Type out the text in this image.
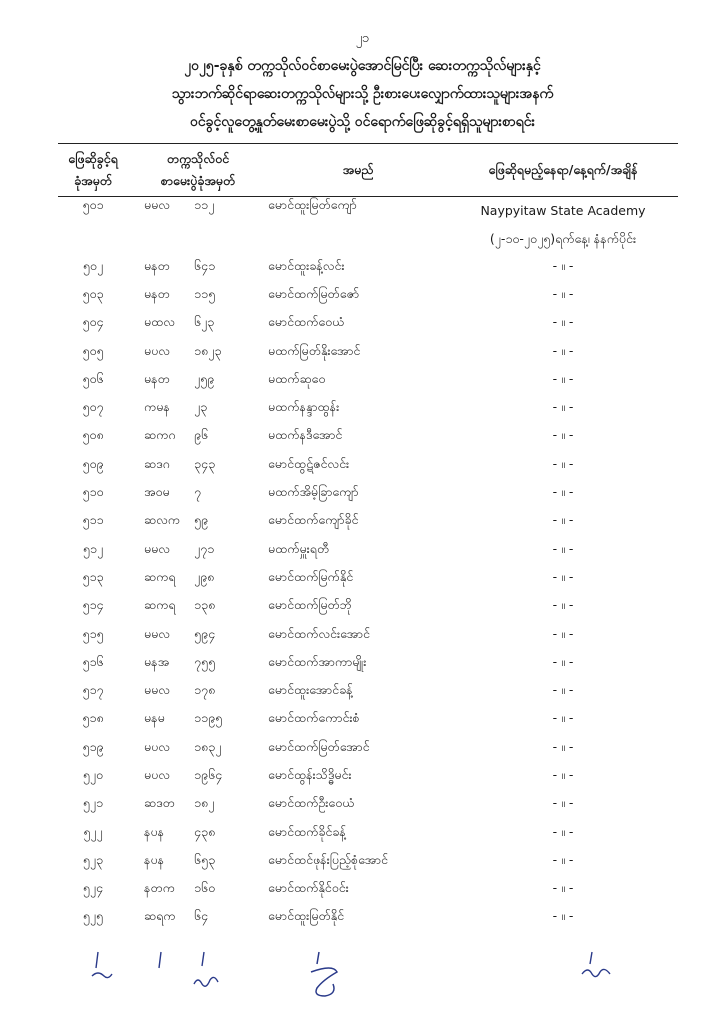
၂၁
၂၀၂၅-ခုနှစ် တက္ကသိုလ်ဝင်စာမေးပွဲအောင်မြင်ပြီး ဆေးတက္ကသိုလ်များနှင့်
သွားဘက်ဆိုင်ရာဆေးတက္ကသိုလ်များသို့ ဦးစားပေးလျှောက်ထားသူများအနက်
ဝင်ခွင့်လူတွေ့နှုတ်မေးစာမေးပွဲသို့ ဝင်ရောက်ဖြေဆိုခွင့်ရရှိသူများစာရင်း
ဖြေဆိုခွင့်ရ
ခုံအမှတ်	တက္ကသိုလ်ဝင်
စာမေးပွဲခုံအမှတ်	အမည်	ဖြေဆိုရမည့်နေရာ/နေ့ရက်/အချိန်
၅၀၁	မမလ ၁၁၂	မောင်ထူးမြတ်ကျော်	Naypyitaw State Academy
(၂-၁၀-၂၀၂၅)ရက်နေ့၊ နံနက်ပိုင်း

၅၀၂	မနတ ၆၄၁	မောင်ထူးခန့်လင်း	- ။ -
၅၀၃	မနတ ၁၁၅	မောင်ထက်မြတ်ဇော်	- ။ -
၅၀၄	မထလ ၆၂၃	မောင်ထက်ဝေယံ	- ။ -
၅၀၅	မပလ ၁၈၂၃	မထက်မြတ်နိုးအောင်	- ။ -
၅၀၆	မနတ ၂၅၉	မထက်ဆုဝေ	- ။ -
၅၀၇	ကမန ၂၃	မထက်နန္ဒာထွန်း	- ။ -
၅၀၈	ဆကဂ ၉၆	မထက်နဒီအောင်	- ။ -
၅၀၉	ဆဒဂ ၃၄၃	မောင်ထွဋ်ဇင်လင်း	- ။ -
၅၁၀	အဝမ ၇	မထက်အိမ့်ခြာကျော်	- ။ -
၅၁၁	ဆလက ၅၉	မောင်ထက်ကျော်ခိုင်	- ။ -
၅၁၂	မမလ ၂၇၁	မထက်မှူးရတီ	- ။ -
၅၁၃	ဆကရ ၂၉၈	မောင်ထက်မြက်နိုင်	- ။ -
၅၁၄	ဆကရ ၁၃၈	မောင်ထက်မြတ်ဘို	- ။ -
၅၁၅	မမလ ၅၉၄	မောင်ထက်လင်းအောင်	- ။ -
၅၁၆	မနအ ၇၅၅	မောင်ထက်အာကာမျိုး	- ။ -
၅၁၇	မမလ ၁၇၈	မောင်ထူးအောင်ခန့်	- ။ -
၅၁၈	မနမ ၁၁၉၅	မောင်ထက်ကောင်းစံ	- ။ -
၅၁၉	မပလ ၁၈၃၂	မောင်ထက်မြတ်အောင်	- ။ -
၅၂၀	မပလ ၁၉၆၄	မောင်ထွန်းသိဒ္ဓိမင်း	- ။ -
၅၂၁	ဆဒတ ၁၈၂	မောင်ထက်ဦးဝေယံ	- ။ -
၅၂၂	နပန ၄၃၈	မောင်ထက်ခိုင်ခန့်	- ။ -
၅၂၃	နပန ၆၅၃	မောင်ထင်ဖုန်းပြည့်စုံအောင်	- ။ -
၅၂၄	နတက ၁၆၀	မောင်ထက်နိုင်ဝင်း	- ။ -
၅၂၅	ဆရက ၆၄	မောင်ထူးမြတ်နိုင်	- ။ -
